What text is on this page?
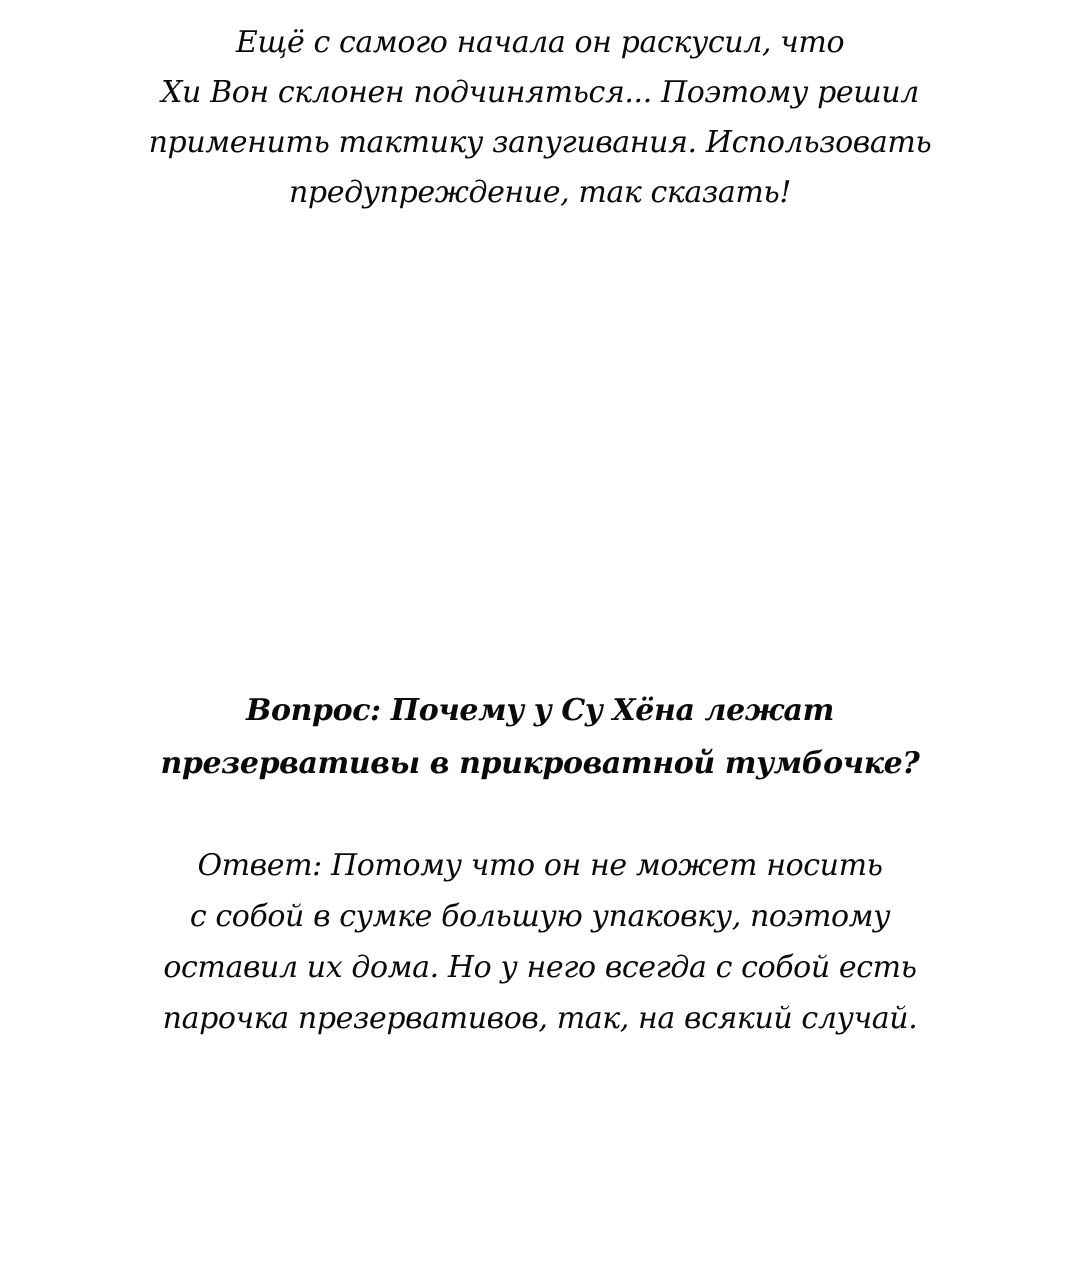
Ещё с самого начала он раскусил, что
Хи Вон склонен подчиняться... Поэтому решил
применить тактику запугивания. Использовать
предупреждение, так сказать!
Вопрос: Почему у Су Хёна лежат
презервативы в прикроватной тумбочке?
Ответ: Потому что он не может носить
с собой в сумке большую упаковку, поэтому
оставил их дома. Но у него всегда с собой есть
парочка презервативов, так, на всякий случай.
